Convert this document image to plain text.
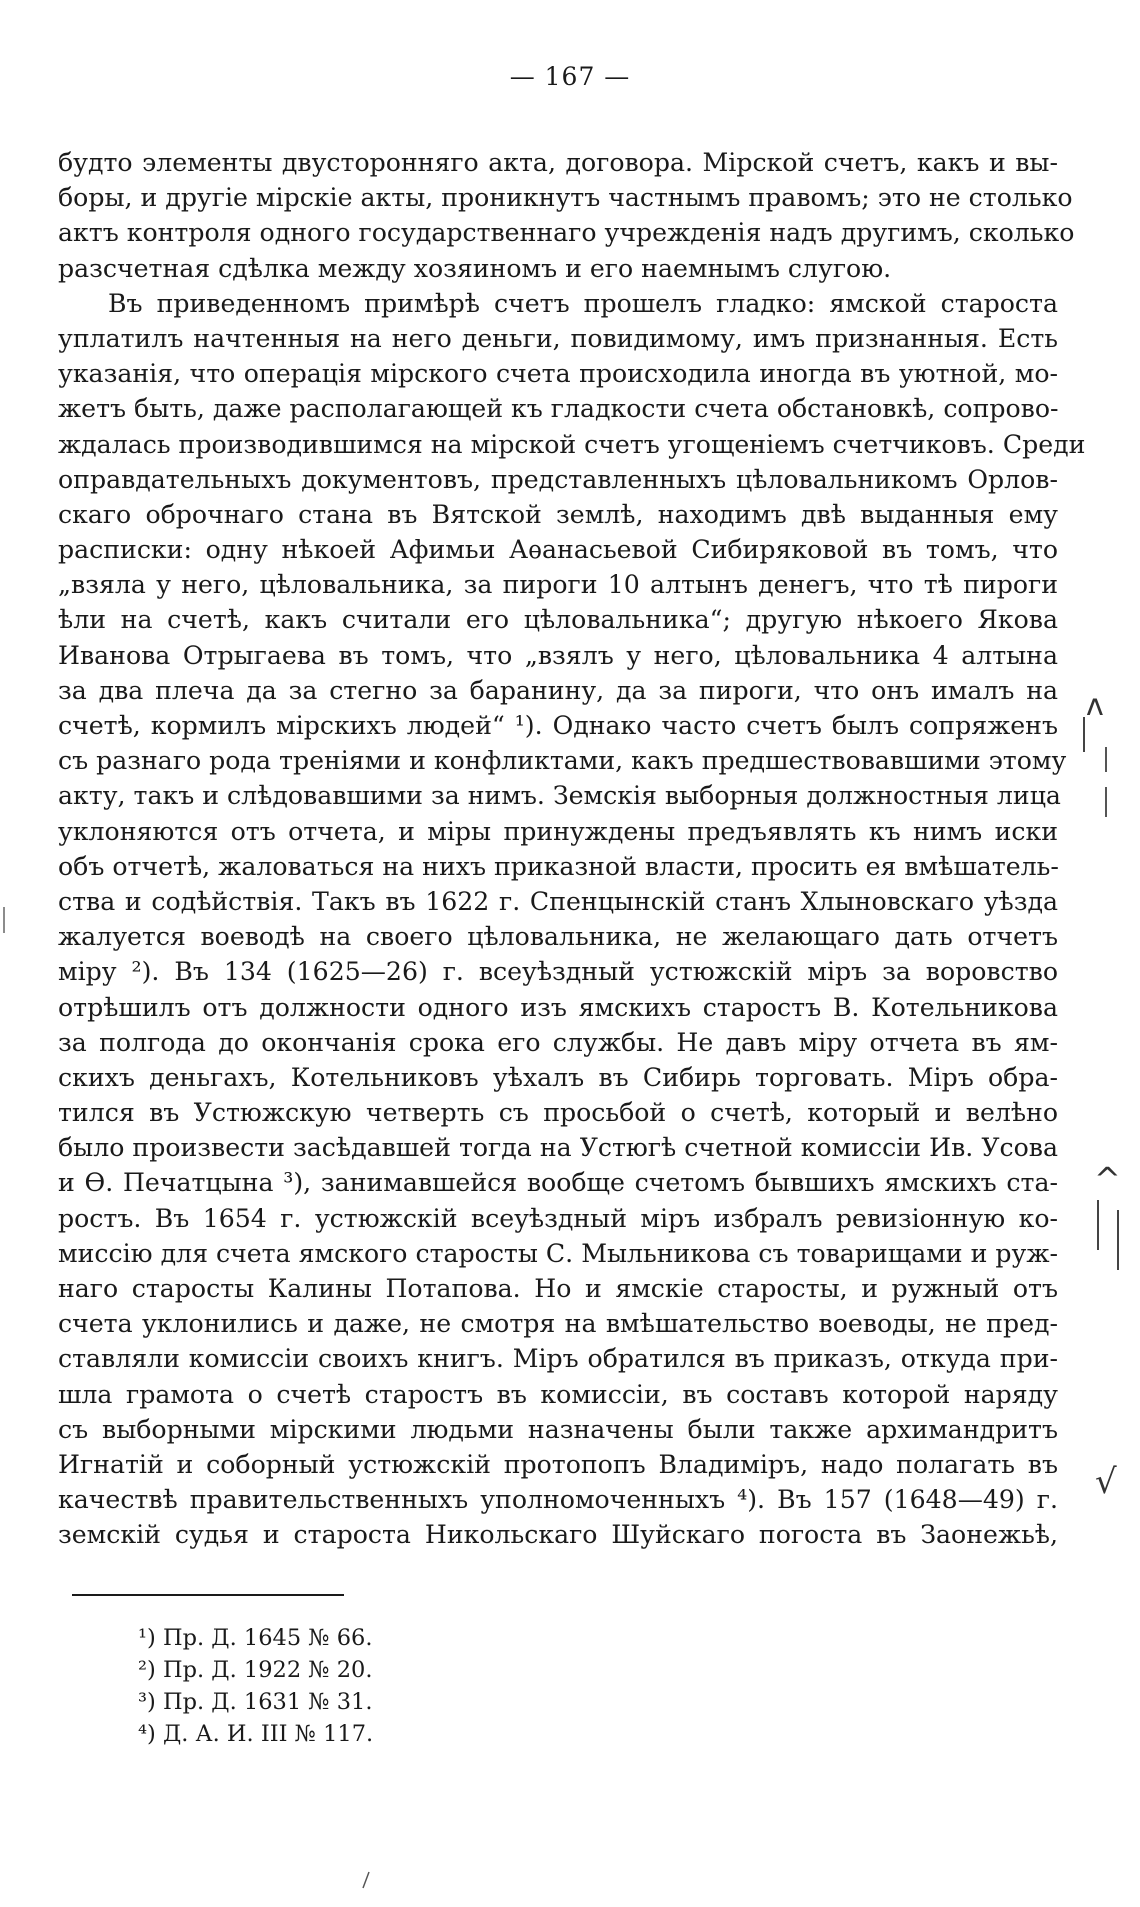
— 167 —
будто элементы двусторонняго акта, договора. Мірской счетъ, какъ и вы-
боры, и другіе мірскіе акты, проникнутъ частнымъ правомъ; это не столько
актъ контроля одного государственнаго учрежденія надъ другимъ, сколько
разсчетная сдѣлка между хозяиномъ и его наемнымъ слугою.
Въ приведенномъ примѣрѣ счетъ прошелъ гладко: ямской староста
уплатилъ начтенныя на него деньги, повидимому, имъ признанныя. Есть
указанія, что операція мірского счета происходила иногда въ уютной, мо-
жетъ быть, даже располагающей къ гладкости счета обстановкѣ, сопрово-
ждалась производившимся на мірской счетъ угощеніемъ счетчиковъ. Среди
оправдательныхъ документовъ, представленныхъ цѣловальникомъ Орлов-
скаго оброчнаго стана въ Вятской землѣ, находимъ двѣ выданныя ему
расписки: одну нѣкоей Афимьи Аѳанасьевой Сибиряковой въ томъ, что
„взяла у него, цѣловальника, за пироги 10 алтынъ денегъ, что тѣ пироги
ѣли на счетѣ, какъ считали его цѣловальника“; другую нѣкоего Якова
Иванова Отрыгаева въ томъ, что „взялъ у него, цѣловальника 4 алтына
за два плеча да за стегно за баранину, да за пироги, что онъ ималъ на
счетѣ, кормилъ мірскихъ людей“ ¹). Однако часто счетъ былъ сопряженъ
съ разнаго рода треніями и конфликтами, какъ предшествовавшими этому
акту, такъ и слѣдовавшими за нимъ. Земскія выборныя должностныя лица
уклоняются отъ отчета, и міры принуждены предъявлять къ нимъ иски
объ отчетѣ, жаловаться на нихъ приказной власти, просить ея вмѣшатель-
ства и содѣйствія. Такъ въ 1622 г. Спенцынскій станъ Хлыновскаго уѣзда
жалуется воеводѣ на своего цѣловальника, не желающаго дать отчетъ
міру ²). Въ 134 (1625—26) г. всеуѣздный устюжскій міръ за воровство
отрѣшилъ отъ должности одного изъ ямскихъ старостъ В. Котельникова
за полгода до окончанія срока его службы. Не давъ міру отчета въ ям-
скихъ деньгахъ, Котельниковъ уѣхалъ въ Сибирь торговать. Міръ обра-
тился въ Устюжскую четверть съ просьбой о счетѣ, который и велѣно
было произвести засѣдавшей тогда на Устюгѣ счетной комиссіи Ив. Усова
и Ѳ. Печатцына ³), занимавшейся вообще счетомъ бывшихъ ямскихъ ста-
ростъ. Въ 1654 г. устюжскій всеуѣздный міръ избралъ ревизіонную ко-
миссію для счета ямского старосты С. Мыльникова съ товарищами и руж-
наго старосты Калины Потапова. Но и ямскіе старосты, и ружный отъ
счета уклонились и даже, не смотря на вмѣшательство воеводы, не пред-
ставляли комиссіи своихъ книгъ. Міръ обратился въ приказъ, откуда при-
шла грамота о счетѣ старостъ въ комиссіи, въ составъ которой наряду
съ выборными мірскими людьми назначены были также архимандритъ
Игнатій и соборный устюжскій протопопъ Владиміръ, надо полагать въ
качествѣ правительственныхъ уполномоченныхъ ⁴). Въ 157 (1648—49) г.
земскій судья и староста Никольскаго Шуйскаго погоста въ Заонежьѣ,
¹) Пр. Д. 1645 № 66.
²) Пр. Д. 1922 № 20.
³) Пр. Д. 1631 № 31.
⁴) Д. А. И. III № 117.
ʌ
^
√
